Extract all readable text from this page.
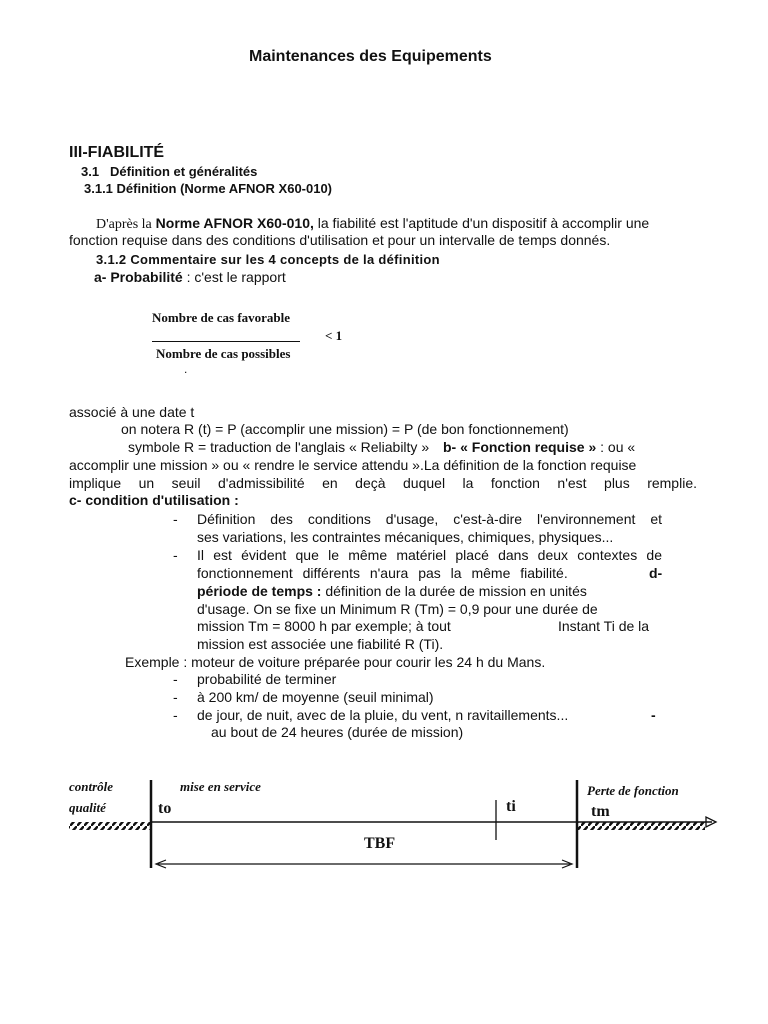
Maintenances des Equipements
III-FIABILITÉ
3.1 Définition et généralités
3.1.1 Définition (Norme AFNOR X60-010)
D'après la Norme AFNOR X60-010, la fiabilité est l'aptitude d'un dispositif à accomplir une
fonction requise dans des conditions d'utilisation et pour un intervalle de temps donnés.
3.1.2 Commentaire sur les 4 concepts de la définition
a- Probabilité : c'est le rapport
Nombre de cas favorable
< 1
Nombre de cas possibles
.
associé à une date t
on notera R (t) = P (accomplir une mission) = P (de bon fonctionnement)
symbole R = traduction de l'anglais « Reliabilty » b- « Fonction requise » : ou «
accomplir une mission » ou « rendre le service attendu ».La définition de la fonction requise
implique un seuil d'admissibilité en deçà duquel la fonction n'est plus remplie.
c- condition d'utilisation :
- Définition des conditions d'usage, c'est-à-dire l'environnement et
ses variations, les contraintes mécaniques, chimiques, physiques...
- Il est évident que le même matériel placé dans deux contextes de
fonctionnement différents n'aura pas la même fiabilité.	d-
période de temps : définition de la durée de mission en unités
d'usage. On se fixe un Minimum R (Tm) = 0,9 pour une durée de
mission Tm = 8000 h par exemple; à tout	Instant Ti de la
mission est associée une fiabilité R (Ti).
Exemple : moteur de voiture préparée pour courir les 24 h du Mans.
- probabilité de terminer
- à 200 km/ de moyenne (seuil minimal)
- de jour, de nuit, avec de la pluie, du vent, n ravitaillements...	-
au bout de 24 heures (durée de mission)
contrôle
qualité
mise en service
to	ti
Perte de fonction
tm
TBF
